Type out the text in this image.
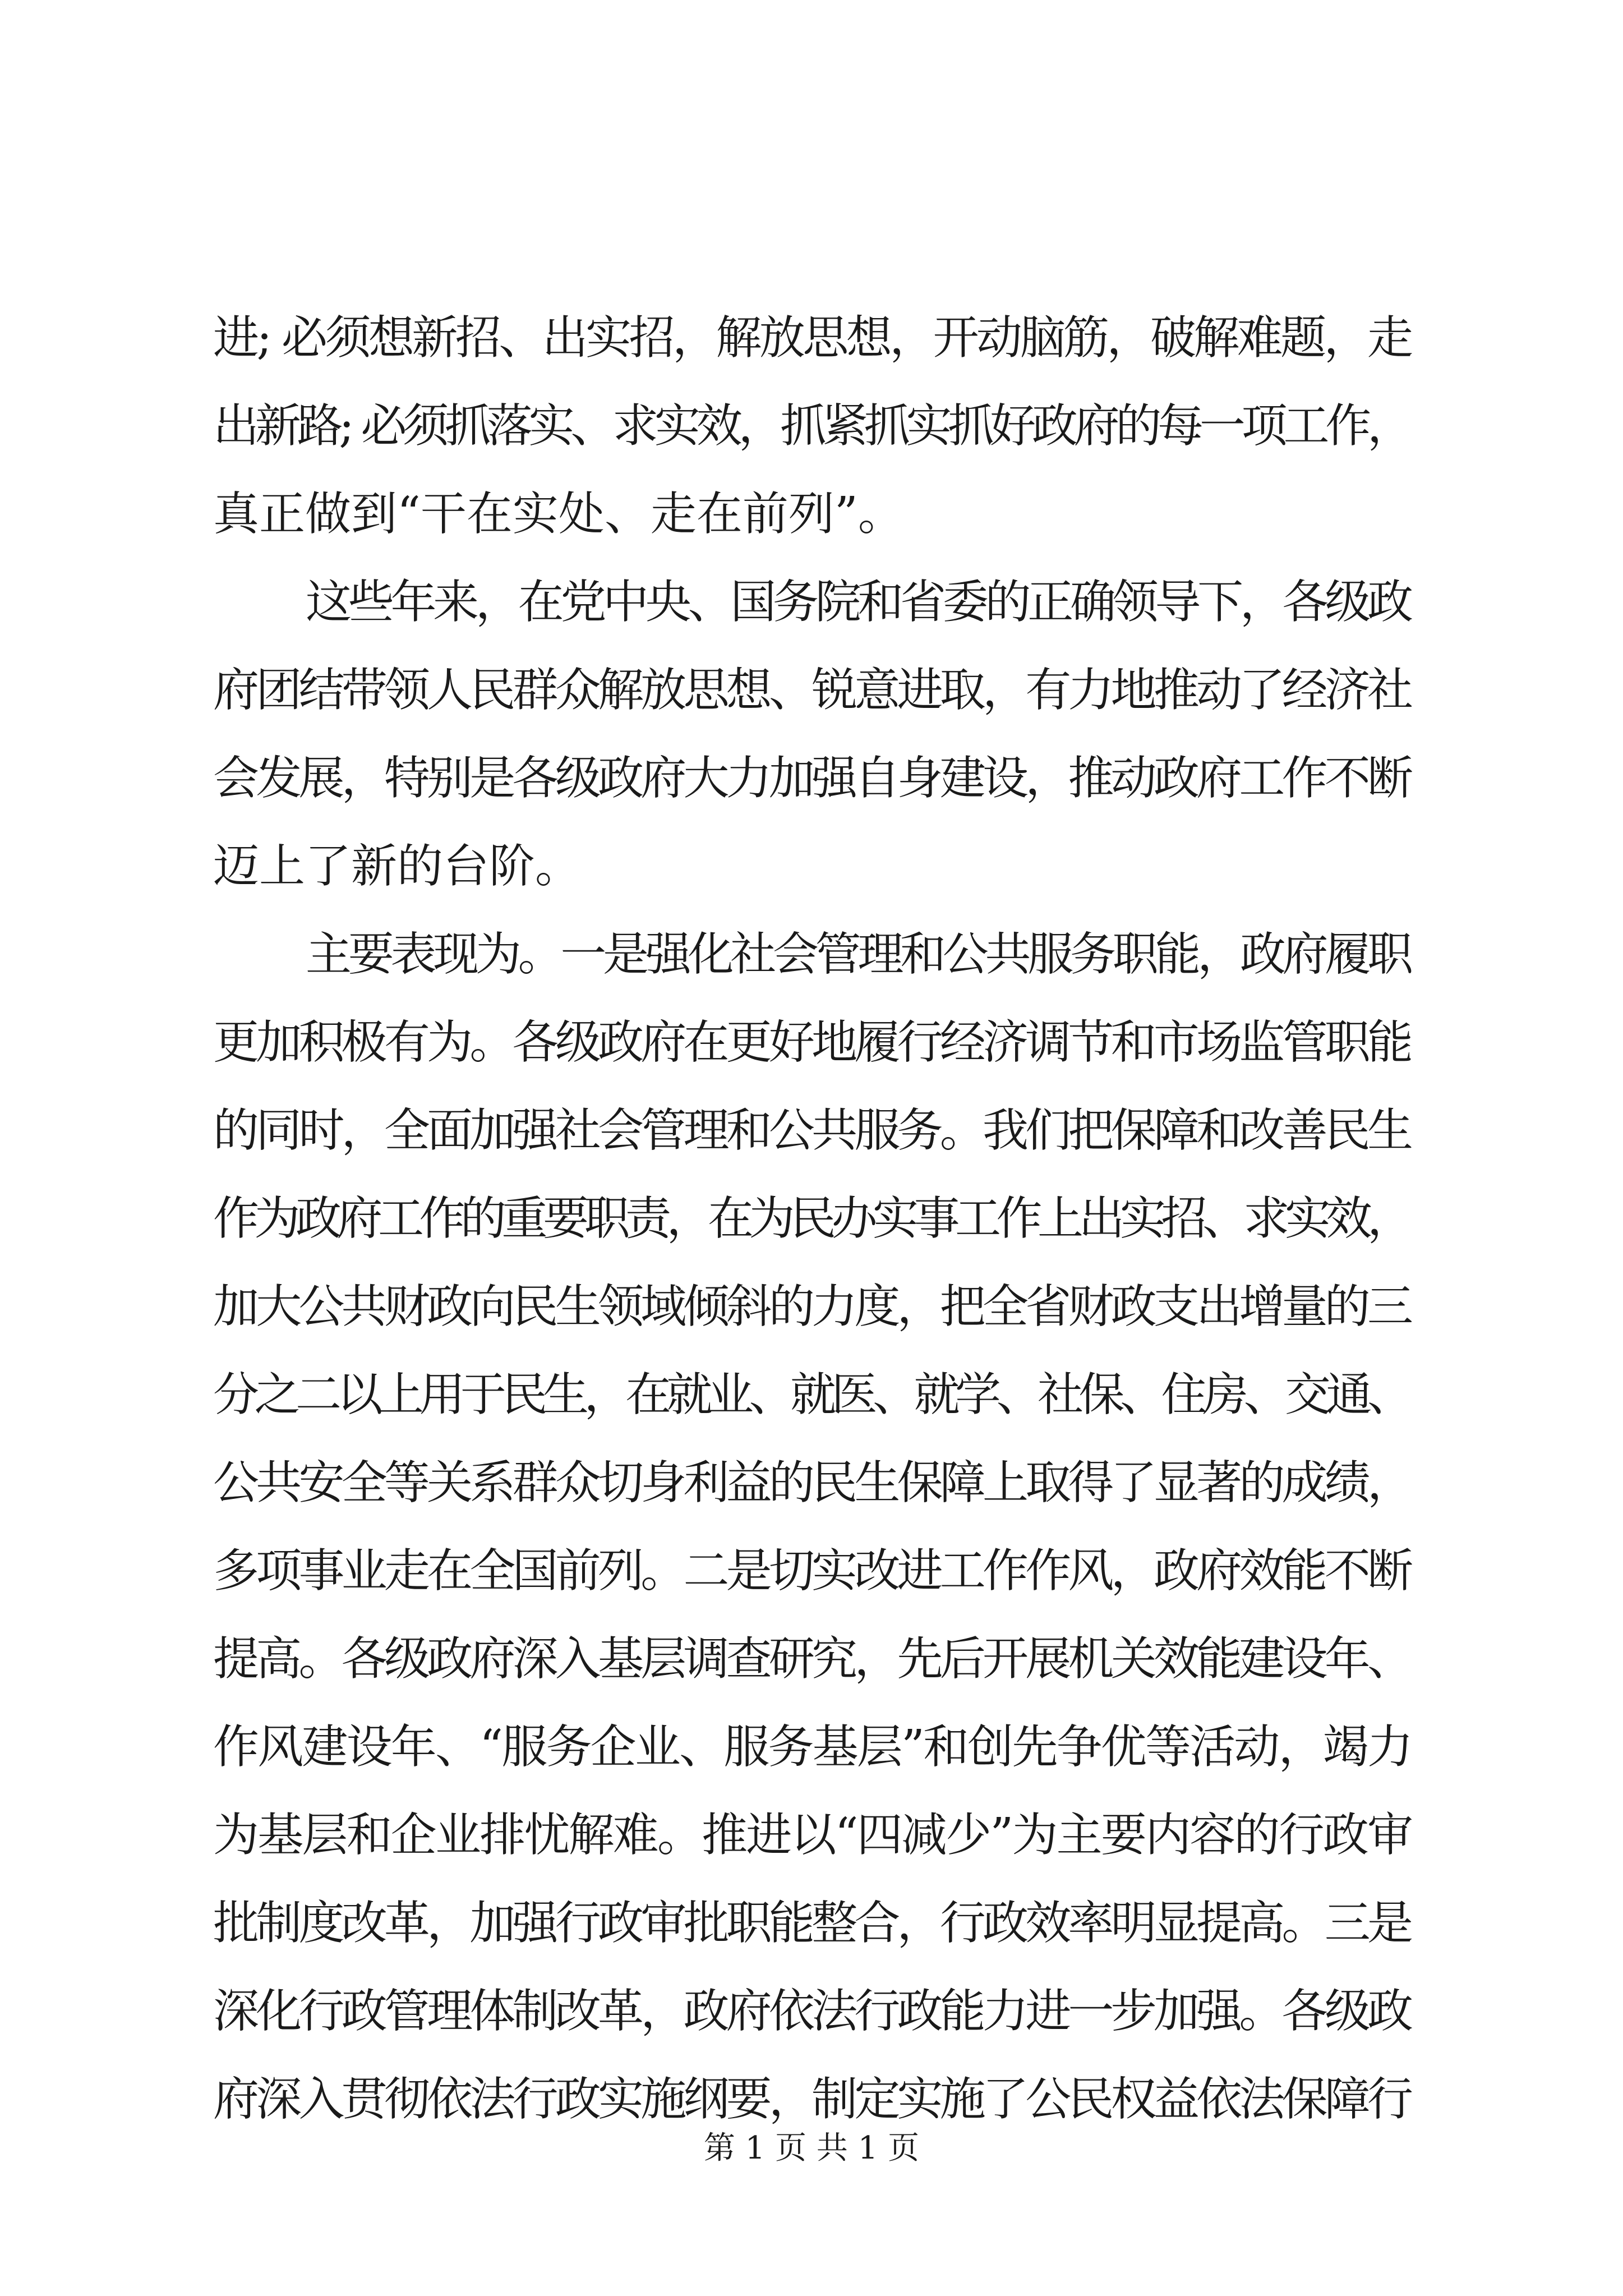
进; 必须想新招、出实招，解放思想，开动脑筋，破解难题，走
出新路; 必须抓落实、求实效，抓紧抓实抓好政府的每一项工作，
真正做到“干在实处、走在前列”。
这些年来，在党中央、国务院和省委的正确领导下，各级政
府团结带领人民群众解放思想、锐意进取，有力地推动了经济社
会发展，特别是各级政府大力加强自身建设，推动政府工作不断
迈上了新的台阶。
主要表现为。一是强化社会管理和公共服务职能，政府履职
更加积极有为。各级政府在更好地履行经济调节和市场监管职能
的同时，全面加强社会管理和公共服务。我们把保障和改善民生
作为政府工作的重要职责，在为民办实事工作上出实招、求实效，
加大公共财政向民生领域倾斜的力度，把全省财政支出增量的三
分之二以上用于民生，在就业、就医、就学、社保、住房、交通、
公共安全等关系群众切身利益的民生保障上取得了显著的成绩，
多项事业走在全国前列。二是切实改进工作作风，政府效能不断
提高。各级政府深入基层调查研究，先后开展机关效能建设年、
作风建设年、“服务企业、服务基层”和创先争优等活动，竭力
为基层和企业排忧解难。推进以“四减少”为主要内容的行政审
批制度改革，加强行政审批职能整合，行政效率明显提高。三是
深化行政管理体制改革，政府依法行政能力进一步加强。各级政
府深入贯彻依法行政实施纲要，制定实施了公民权益依法保障行
第 1 页 共 1 页
